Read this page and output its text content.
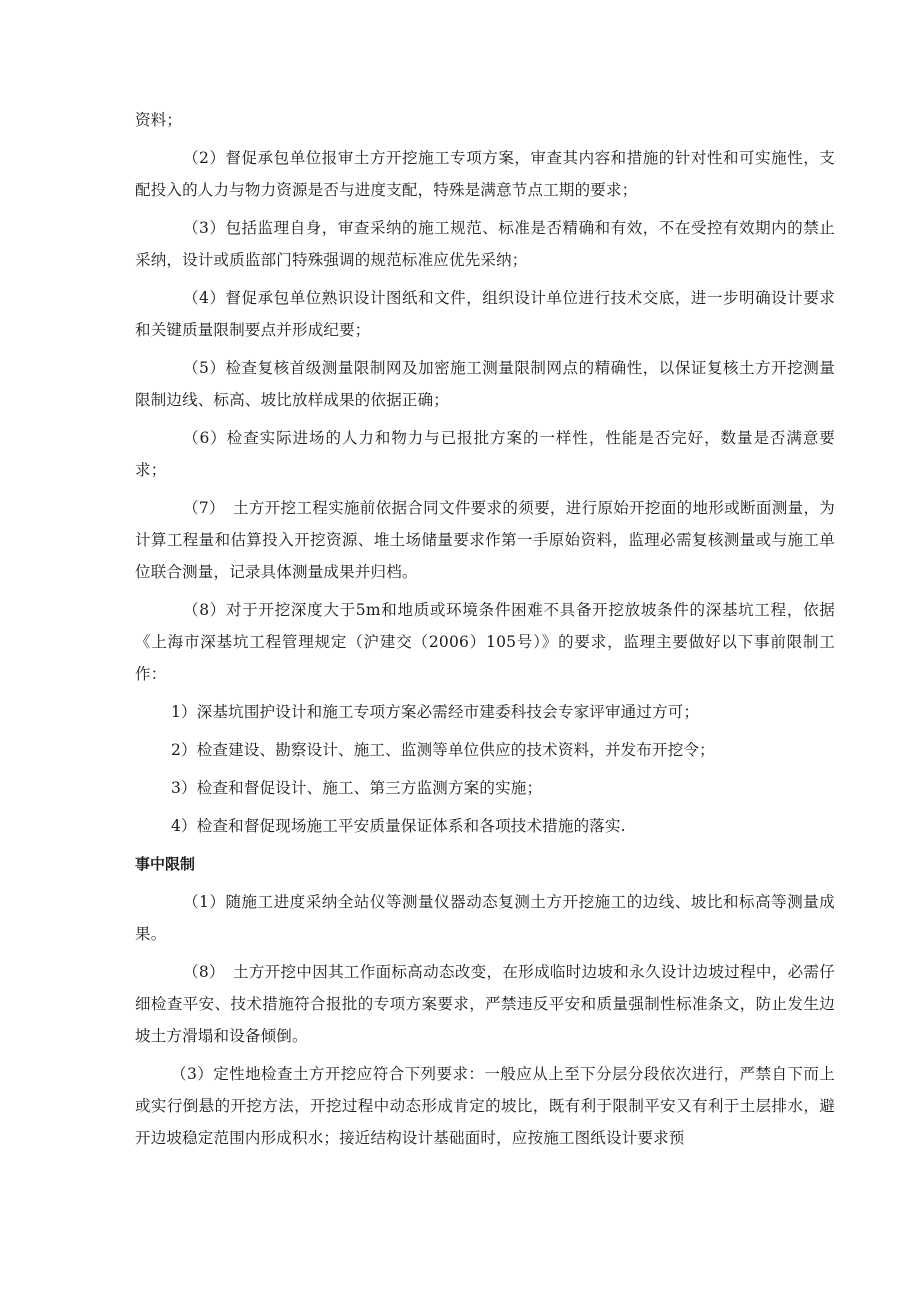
资料；

（2）督促承包单位报审土方开挖施工专项方案，审查其内容和措施的针对性和可实施性，支配投入的人力与物力资源是否与进度支配，特殊是满意节点工期的要求；

（3）包括监理自身，审查采纳的施工规范、标准是否精确和有效，不在受控有效期内的禁止采纳，设计或质监部门特殊强调的规范标准应优先采纳；

（4）督促承包单位熟识设计图纸和文件，组织设计单位进行技术交底，进一步明确设计要求和关键质量限制要点并形成纪要；

（5）检查复核首级测量限制网及加密施工测量限制网点的精确性，以保证复核土方开挖测量限制边线、标高、坡比放样成果的依据正确；

（6）检查实际进场的人力和物力与已报批方案的一样性，性能是否完好，数量是否满意要求；

（7）　土方开挖工程实施前依据合同文件要求的须要，进行原始开挖面的地形或断面测量，为计算工程量和估算投入开挖资源、堆土场储量要求作第一手原始资料，监理必需复核测量或与施工单位联合测量，记录具体测量成果并归档。

（8）对于开挖深度大于5m和地质或环境条件困难不具备开挖放坡条件的深基坑工程，依据《上海市深基坑工程管理规定（沪建交（2006）105号）》的要求，监理主要做好以下事前限制工作：

1）深基坑围护设计和施工专项方案必需经市建委科技会专家评审通过方可；

2）检查建设、勘察设计、施工、监测等单位供应的技术资料，并发布开挖令；

3）检查和督促设计、施工、第三方监测方案的实施；

4）检查和督促现场施工平安质量保证体系和各项技术措施的落实.

事中限制

（1）随施工进度采纳全站仪等测量仪器动态复测土方开挖施工的边线、坡比和标高等测量成果。

（8）　土方开挖中因其工作面标高动态改变，在形成临时边坡和永久设计边坡过程中，必需仔细检查平安、技术措施符合报批的专项方案要求，严禁违反平安和质量强制性标准条文，防止发生边坡土方滑塌和设备倾倒。

（3）定性地检查土方开挖应符合下列要求：一般应从上至下分层分段依次进行，严禁自下而上或实行倒悬的开挖方法，开挖过程中动态形成肯定的坡比，既有利于限制平安又有利于土层排水，避开边坡稳定范围内形成积水；接近结构设计基础面时，应按施工图纸设计要求预
